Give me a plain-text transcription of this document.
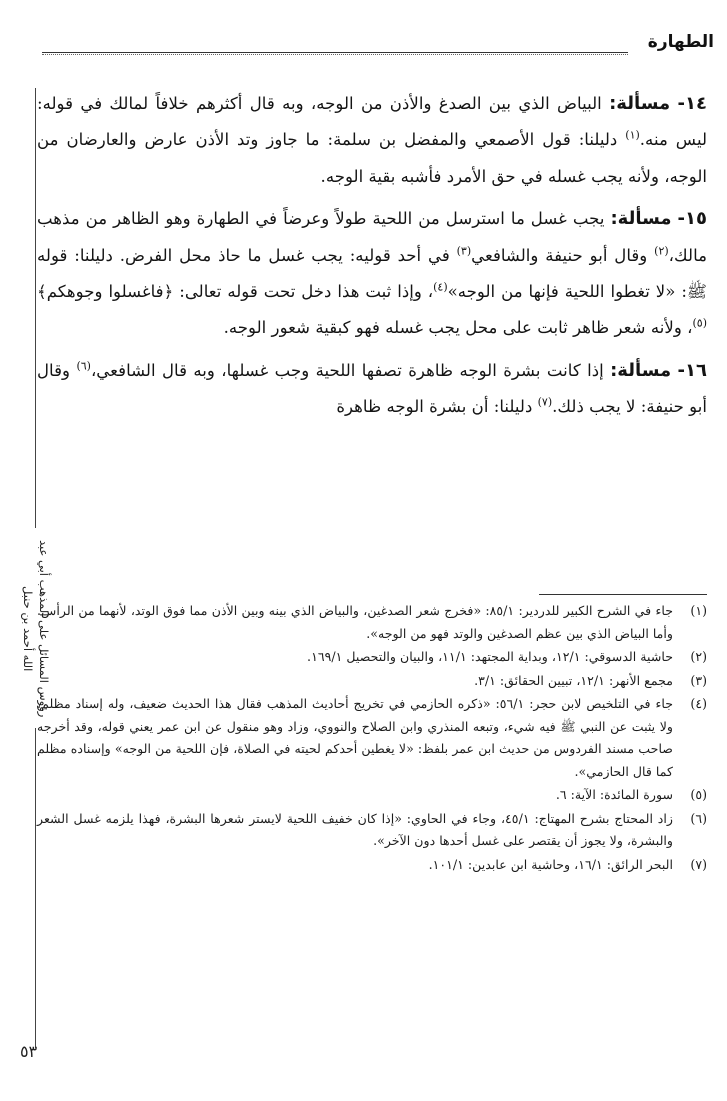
الطهارة
رؤوس المسائل على المذهب أبي عبد الله أحمد بن حنبل

١٤- مسألة: البياض الذي بين الصدغ والأذن من الوجه، وبه قال أكثرهم خلافاً لمالك في قوله: ليس منه.$^{(١)}$ دليلنا: قول الأصمعي والمفضل بن سلمة: ما جاوز وتد الأذن عارض والعارضان من الوجه، ولأنه يجب غسله في حق الأمرد فأشبه بقية الوجه.

١٥- مسألة: يجب غسل ما استرسل من اللحية طولاً وعرضاً في الطهارة وهو الظاهر من مذهب مالك،$^{(٢)}$ وقال أبو حنيفة والشافعي$^{(٣)}$ في أحد قوليه: يجب غسل ما حاذ محل الفرض. دليلنا: قوله ﷺ: «لا تغطوا اللحية فإنها من الوجه»$^{(٤)}$، وإذا ثبت هذا دخل تحت قوله تعالى: ﴿فاغسلوا وجوهكم﴾$^{(٥)}$، ولأنه شعر ظاهر ثابت على محل يجب غسله فهو كبقية شعور الوجه.

١٦- مسألة: إذا كانت بشرة الوجه ظاهرة تصفها اللحية وجب غسلها، وبه قال الشافعي،$^{(٦)}$ وقال أبو حنيفة: لا يجب ذلك.$^{(٧)}$ دليلنا: أن بشرة الوجه ظاهرة

(١)
جاء في الشرح الكبير للدردير: ٨٥/١: «فخرج شعر الصدغين، والبياض الذي بينه وبين الأذن مما فوق الوتد، لأنهما من الرأس. وأما البياض الذي بين عظم الصدغين والوتد فهو من الوجه».
(٢)
حاشية الدسوقي: ١٢/١، وبداية المجتهد: ١١/١، والبيان والتحصيل ١٦٩/١.
(٣)
مجمع الأنهر: ١٢/١، تبيين الحقائق: ٣/١.
(٤)
جاء في التلخيص لابن حجر: ٥٦/١: «ذكره الحازمي في تخريج أحاديث المذهب فقال هذا الحديث ضعيف، وله إسناد مظلم، ولا يثبت عن النبي ﷺ فيه شيء، وتبعه المنذري وابن الصلاح والنووي، وزاد وهو منقول عن ابن عمر يعني قوله، وقد أخرجه صاحب مسند الفردوس من حديث ابن عمر بلفظ: «لا يغطين أحدكم لحيته في الصلاة، فإن اللحية من الوجه» وإسناده مظلم كما قال الحازمي».
(٥)
سورة المائدة: الآية: ٦.
(٦)
زاد المحتاج بشرح المهتاج: ٤٥/١، وجاء في الحاوي: «إذا كان خفيف اللحية لايستر شعرها البشرة، فهذا يلزمه غسل الشعر والبشرة، ولا يجوز أن يقتصر على غسل أحدها دون الآخر».
(٧)
البحر الرائق: ١٦/١، وحاشية ابن عابدين: ١٠١/١.
٥٣
